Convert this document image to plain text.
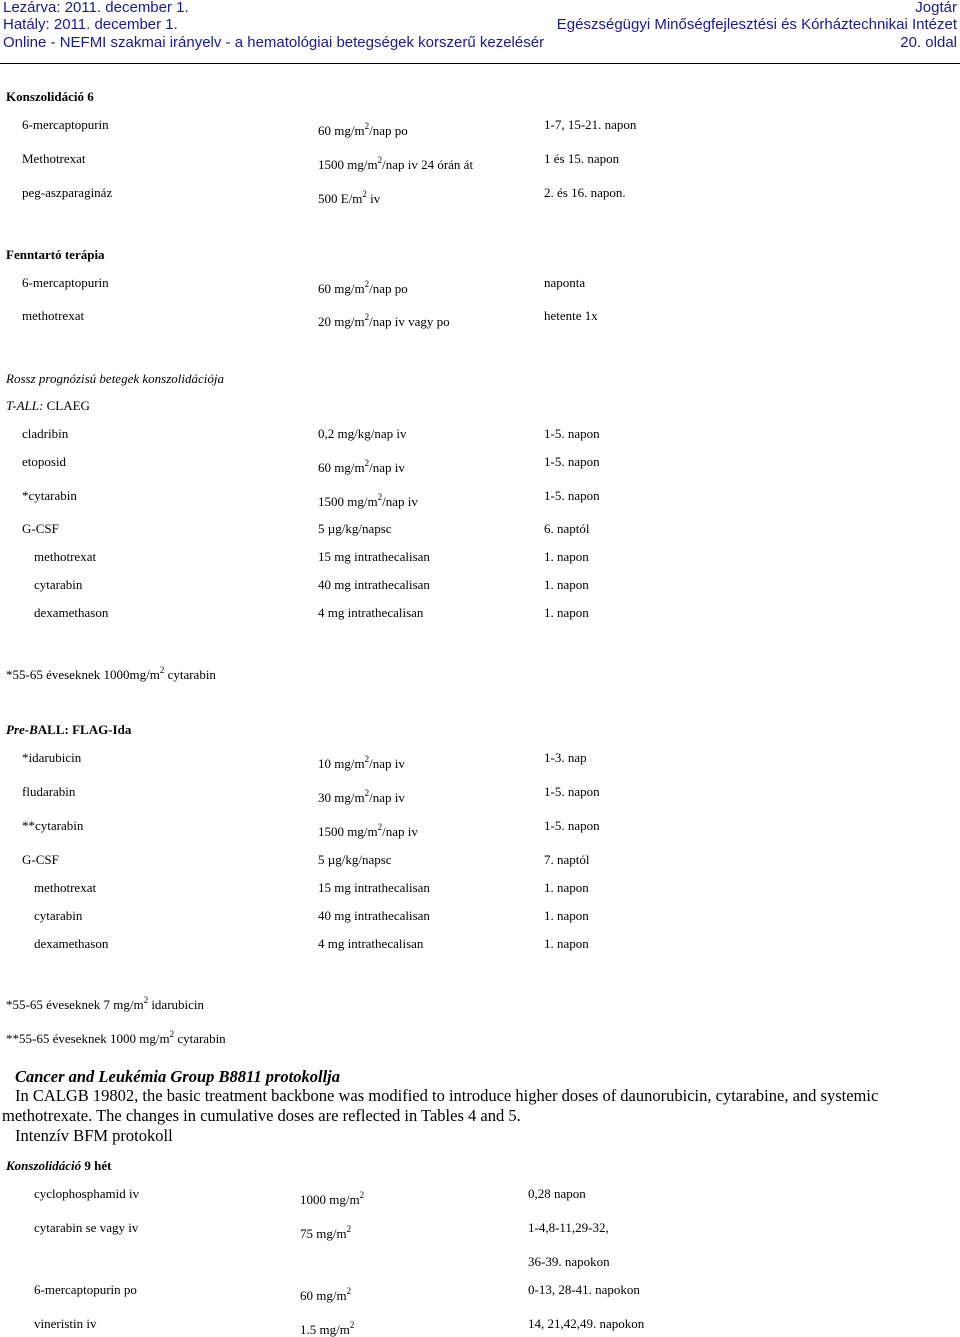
Lezárva: 2011. december 1.
Hatály: 2011. december 1.
Online - NEFMI szakmai irányelv - a hematológiai betegségek korszerű kezelésér
Jogtár
Egészségügyi Minőségfejlesztési és Kórháztechnikai Intézet
20. oldal
Konszolidáció 6
6-mercaptopurin	60 $mg/m^2$/nap po	1-7, 15-21. napon
Methotrexat	1500 $mg/m^2$/nap iv 24 órán át	1 és 15. napon
peg-aszparagináz	500 $E/m^2$ iv	2. és 16. napon.
Fenntartó terápia
6-mercaptopurin	60 $mg/m^2$/nap po	naponta
methotrexat	20 $mg/m^2$/nap iv vagy po	hetente 1x
Rossz prognózisú betegek konszolidációja
T-ALL: CLAEG
cladribin	0,2 mg/kg/nap iv	1-5. napon
etoposid	60 $mg/m^2$/nap iv	1-5. napon
*cytarabin	1500 $mg/m^2$/nap iv	1-5. napon
G-CSF	5 µg/kg/napsc	6. naptól
methotrexat	15 mg intrathecalisan	1. napon
cytarabin	40 mg intrathecalisan	1. napon
dexamethason	4 mg intrathecalisan	1. napon
*55-65 éveseknek $1000mg/m^2$ cytarabin
Pre-BALL: FLAG-Ida
*idarubicin	10 $mg/m^2$/nap iv	1-3. nap
fludarabin	30 $mg/m^2$/nap iv	1-5. napon
**cytarabin	1500 $mg/m^2$/nap iv	1-5. napon
G-CSF	5 µg/kg/napsc	7. naptól
methotrexat	15 mg intrathecalisan	1. napon
cytarabin	40 mg intrathecalisan	1. napon
dexamethason	4 mg intrathecalisan	1. napon
*55-65 éveseknek 7 $mg/m^2$ idarubicin
**55-65 éveseknek 1000 $mg/m^2$ cytarabin
Cancer and Leukémia Group B8811 protokollja
In CALGB 19802, the basic treatment backbone was modified to introduce higher doses of daunorubicin, cytarabine, and systemic
methotrexate. The changes in cumulative doses are reflected in Tables 4 and 5.
Intenzív BFM protokoll
Konszolidáció 9 hét
cyclophosphamid iv	1000 $mg/m^2$	0,28 napon
cytarabin se vagy iv	75 $mg/m^2$	1-4,8-11,29-32,
36-39. napokon
6-mercaptopurin po	60 $mg/m^2$	0-13, 28-41. napokon
vineristin iv	1.5 $mg/m^2$	14, 21,42,49. napokon
